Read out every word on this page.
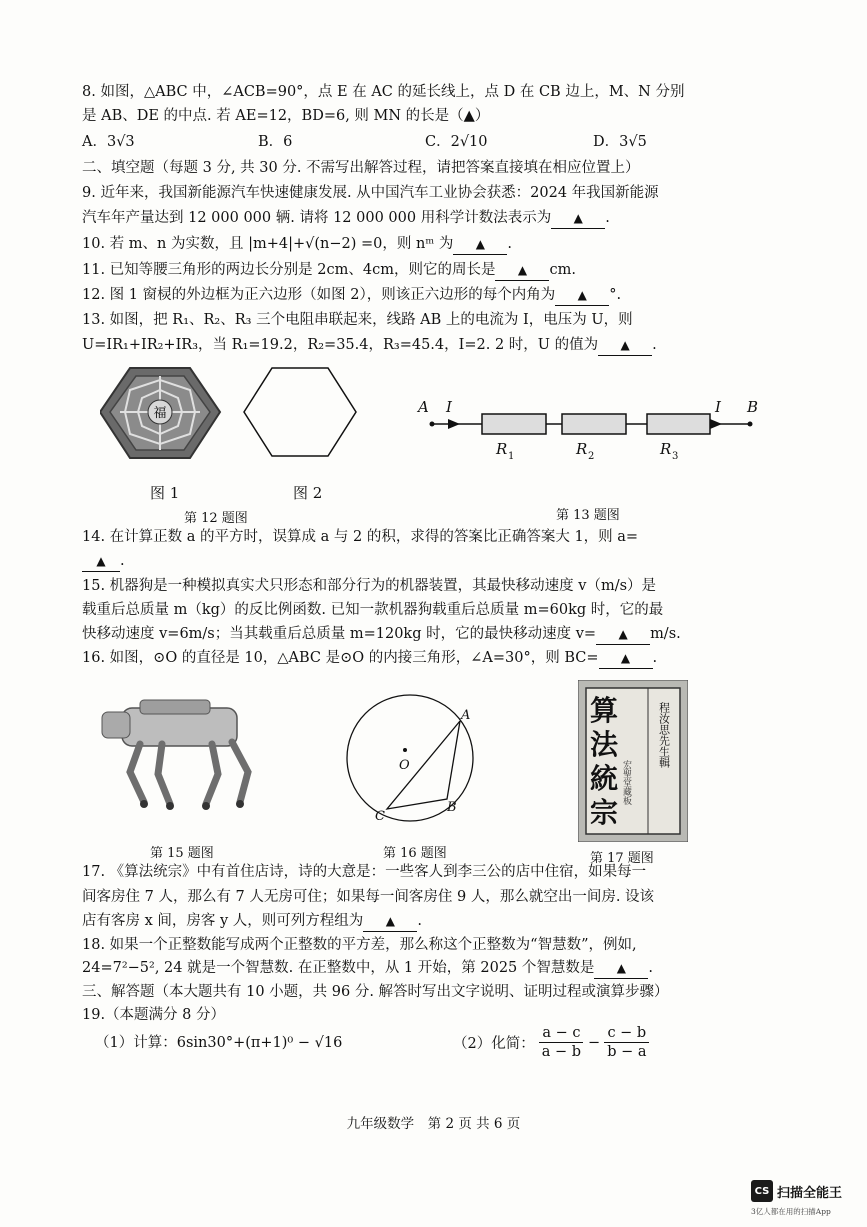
8. 如图，△ABC 中，∠ACB=90°，点 E 在 AC 的延长线上，点 D 在 CB 边上，M、N 分别
是 AB、DE 的中点. 若 AE=12，BD=6, 则 MN 的长是（▲）
A．3√3	B．6	C．2√10	D．3√5
二、填空题（每题 3 分, 共 30 分. 不需写出解答过程，请把答案直接填在相应位置上）
9. 近年来，我国新能源汽车快速健康发展. 从中国汽车工业协会获悉：2024 年我国新能源
汽车年产量达到 12 000 000 辆. 请将 12 000 000 用科学计数法表示为 ▲ .
10. 若 m、n 为实数，且 |m+4|+√(n−2) =0，则 nᵐ 为 ▲ .
11. 已知等腰三角形的两边长分别是 2cm、4cm，则它的周长是 ▲ cm.
12. 图 1 窗棂的外边框为正六边形（如图 2），则该正六边形的每个内角为 ▲ °.
13. 如图，把 R₁、R₂、R₃ 三个电阻串联起来，线路 AB 上的电流为 I，电压为 U，则
U=IR₁+IR₂+IR₃，当 R₁=19.2，R₂=35.4，R₃=45.4，I=2. 2 时，U 的值为 ▲ .
福
图 1	图 2
第 12 题图
A I	I B
R	R	R
1	2	3
第 13 题图
14. 在计算正数 a 的平方时，误算成 a 与 2 的积，求得的答案比正确答案大 1，则 a=
▲ .
15. 机器狗是一种模拟真实犬只形态和部分行为的机器装置，其最快移动速度 v（m/s）是
载重后总质量 m（kg）的反比例函数. 已知一款机器狗载重后总质量 m=60kg 时，它的最
快移动速度 v=6m/s；当其载重后总质量 m=120kg 时，它的最快移动速度 v= ▲ m/s.
16. 如图，⊙O 的直径是 10，△ABC 是⊙O 的内接三角形，∠A=30°，则 BC= ▲ .
第 15 题图
O
A
B
C
第 16 题图
算
法
統
宗
程汝思先生輯
宏聖堂藏板
第 17 题图
17. 《算法统宗》中有首住店诗，诗的大意是：一些客人到李三公的店中住宿，如果每一
间客房住 7 人，那么有 7 人无房可住；如果每一间客房住 9 人，那么就空出一间房. 设该
店有客房 x 间，房客 y 人，则可列方程组为 ▲ .
18. 如果一个正整数能写成两个正整数的平方差，那么称这个正整数为“智慧数”，例如,
24=7²−5², 24 就是一个智慧数. 在正整数中，从 1 开始，第 2025 个智慧数是 ▲ .
三、解答题（本大题共有 10 小题，共 96 分. 解答时写出文字说明、证明过程或演算步骤）
19.（本题满分 8 分）
（1）计算：6sin30°+(π+1)⁰ − √16	（2）化简： $\frac{a - c}{a - b} - \frac{c - b}{b - a}$
九年级数学　第 2 页 共 6 页
CS 扫描全能王
3亿人都在用的扫描App
